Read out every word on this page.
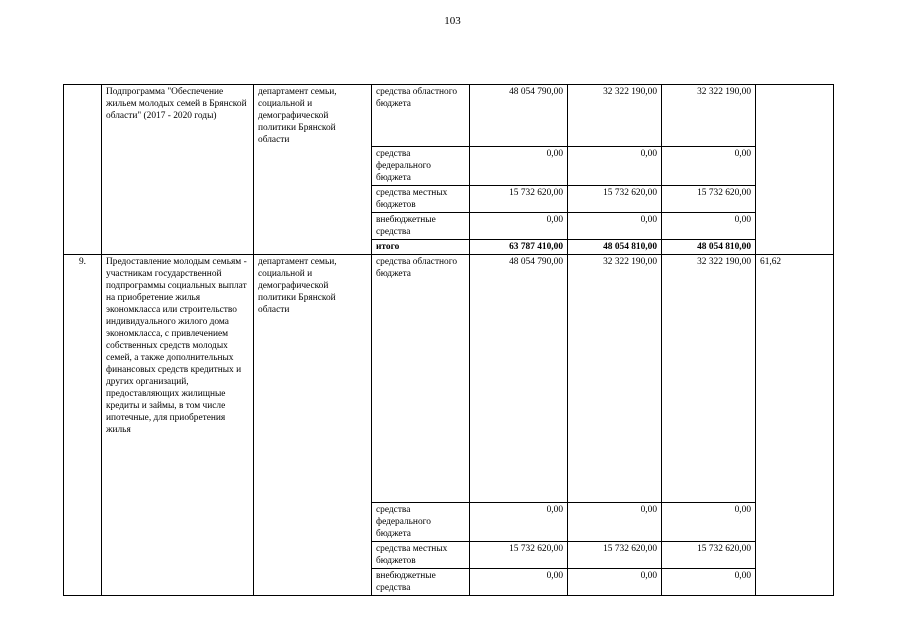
103
	Подпрограмма "Обеспечение жильем молодых семей в Брянской области" (2017 - 2020 годы)	департамент семьи, социальной и демографической политики Брянской области	средства областного бюджета	48 054 790,00	32 322 190,00	32 322 190,00	
			средства федерального бюджета	0,00	0,00	0,00	
			средства местных бюджетов	15 732 620,00	15 732 620,00	15 732 620,00	
			внебюджетные средства	0,00	0,00	0,00	
			итого	63 787 410,00	48 054 810,00	48 054 810,00	
9.	Предоставление молодым семьям - участникам государственной подпрограммы социальных выплат на приобретение жилья экономкласса или строительство индивидуального жилого дома экономкласса, с привлечением собственных средств молодых семей, а также дополнительных финансовых средств кредитных и других организаций, предоставляющих жилищные кредиты и займы, в том числе ипотечные, для приобретения жилья	департамент семьи, социальной и демографической политики Брянской области	средства областного бюджета	48 054 790,00	32 322 190,00	32 322 190,00	61,62
			средства федерального бюджета	0,00	0,00	0,00	
			средства местных бюджетов	15 732 620,00	15 732 620,00	15 732 620,00	
			внебюджетные средства	0,00	0,00	0,00	
